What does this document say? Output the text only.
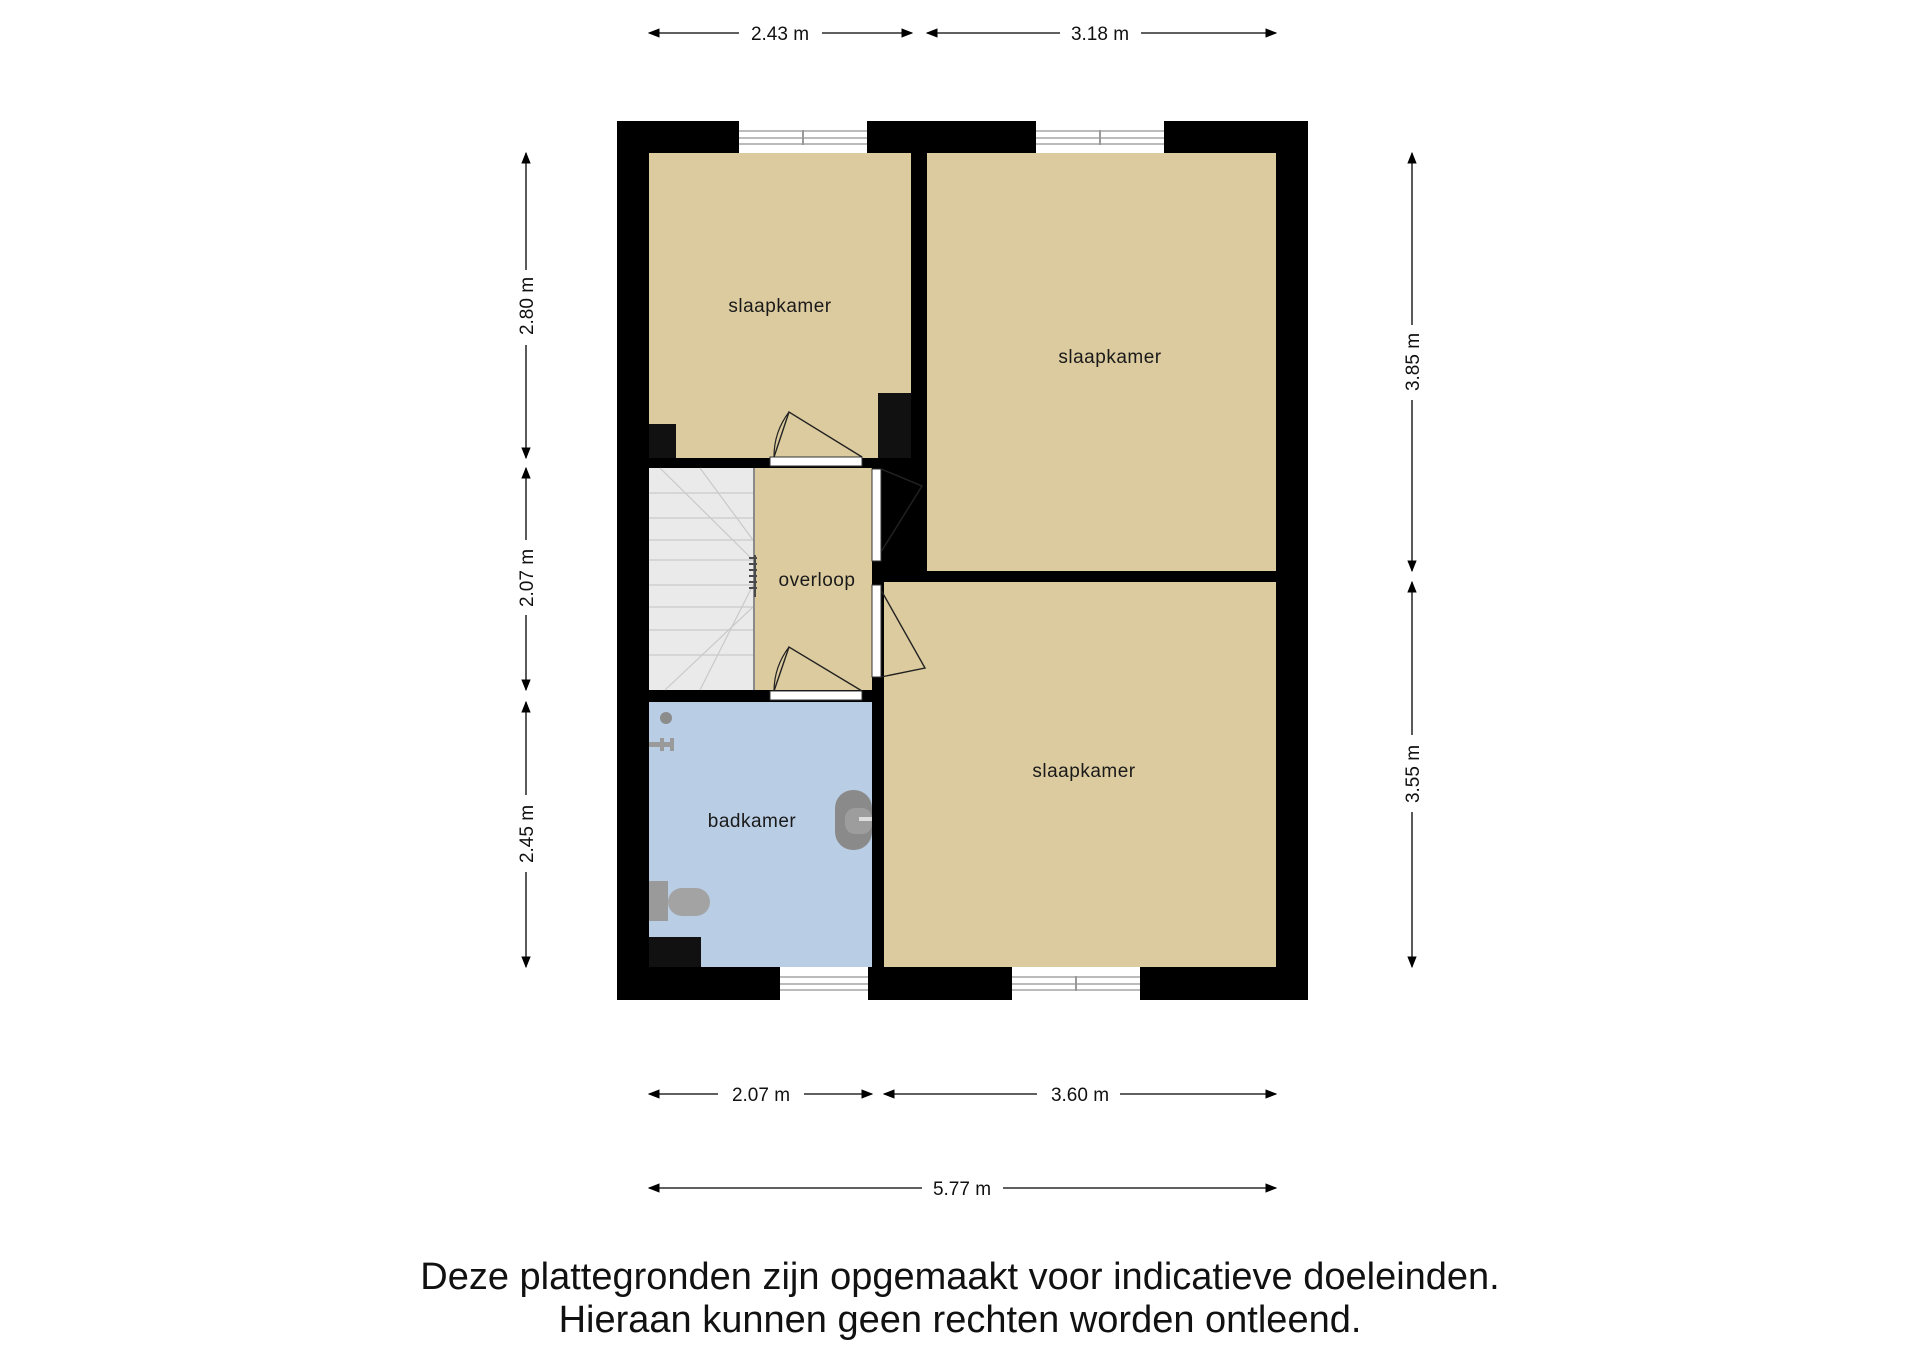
slaapkamer
slaapkamer
overloop
slaapkamer
badkamer
2.43 m	3.18 m
2.80 m
2.07 m
2.45 m
3.85 m
3.55 m
2.07 m	3.60 m
5.77 m
Deze plattegronden zijn opgemaakt voor indicatieve doeleinden.
Hieraan kunnen geen rechten worden ontleend.
